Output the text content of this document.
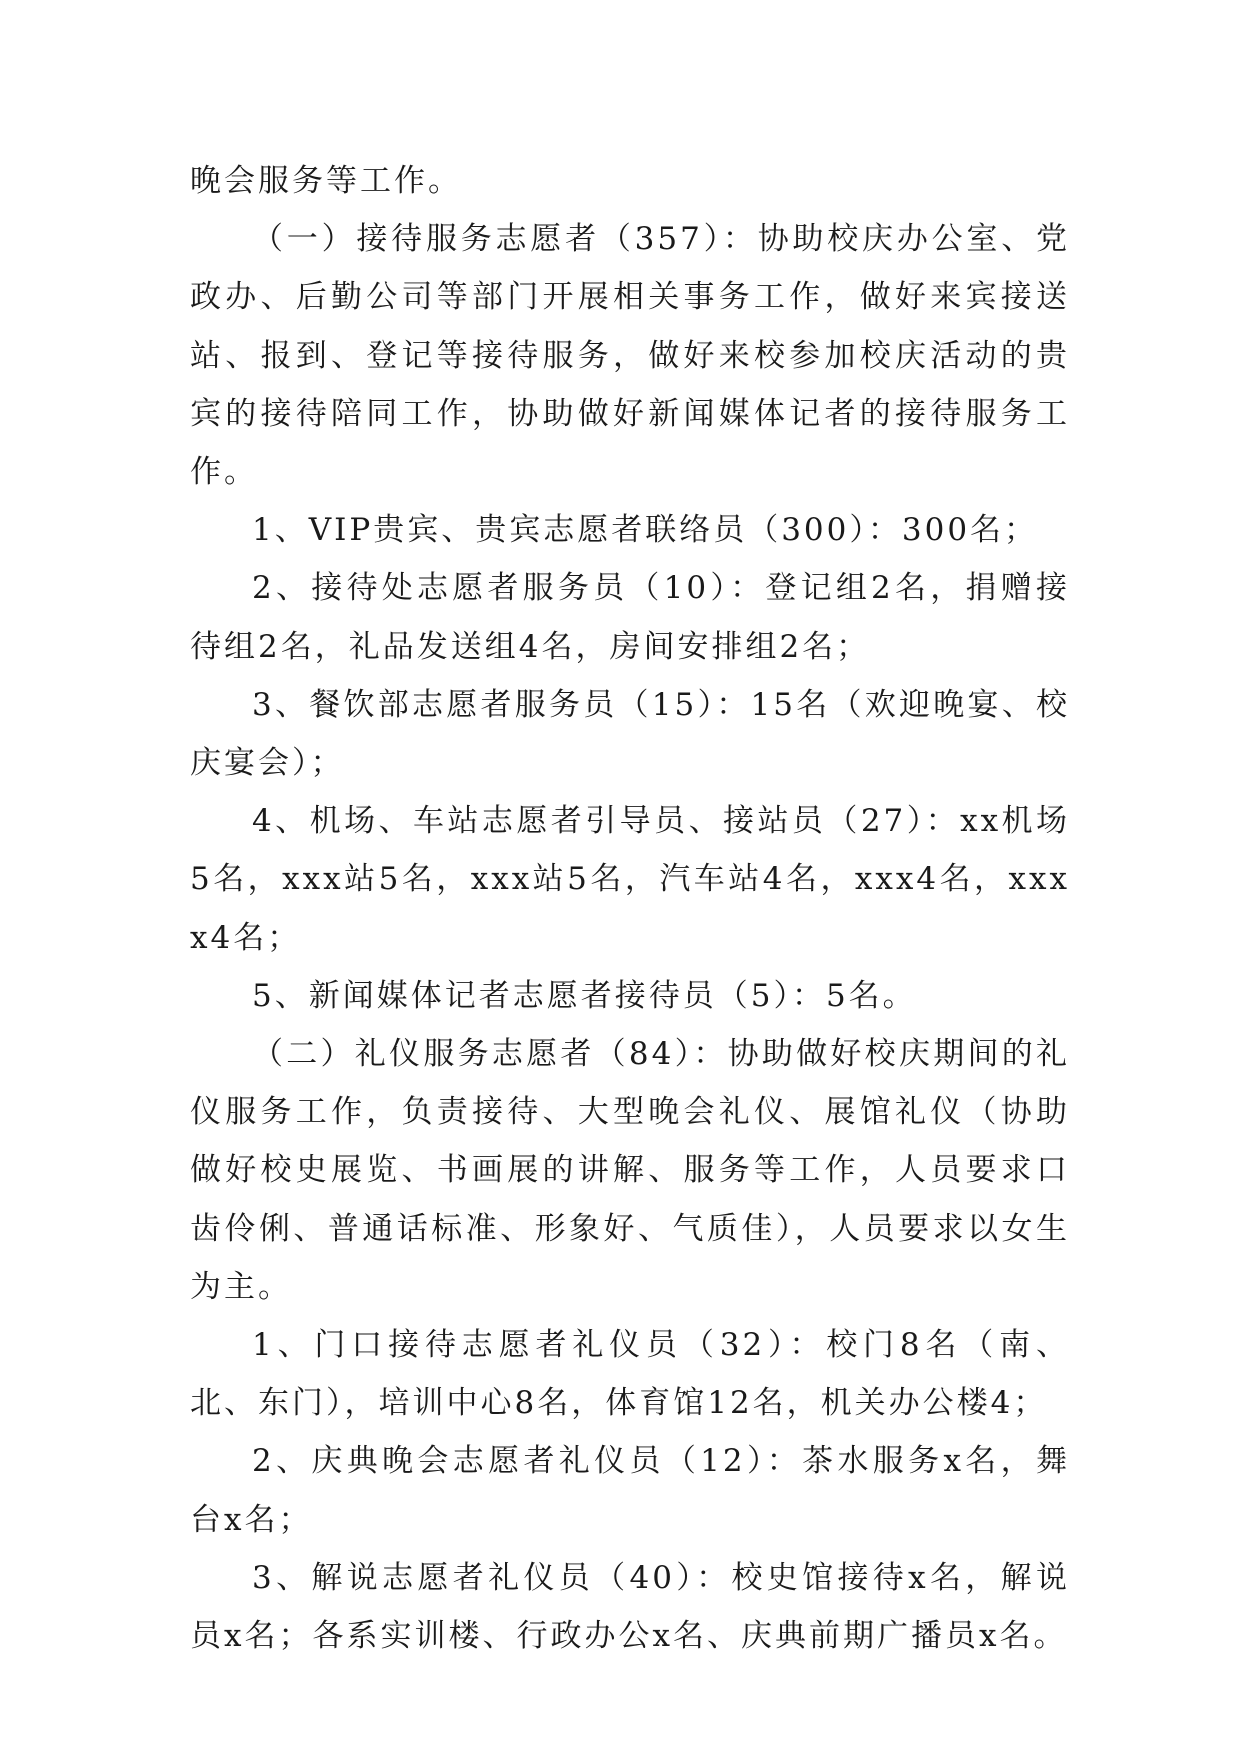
晚会服务等工作。

（一）接待服务志愿者（357）：协助校庆办公室、党政办、后勤公司等部门开展相关事务工作，做好来宾接送站、报到、登记等接待服务，做好来校参加校庆活动的贵宾的接待陪同工作，协助做好新闻媒体记者的接待服务工作。

1、VIP贵宾、贵宾志愿者联络员（300）：300名；

2、接待处志愿者服务员（10）：登记组2名，捐赠接待组2名，礼品发送组4名，房间安排组2名；

3、餐饮部志愿者服务员（15）：15名（欢迎晚宴、校庆宴会）；

4、机场、车站志愿者引导员、接站员（27）：xx机场5名，xxx站5名，xxx站5名，汽车站4名，xxx4名，xxxx4名；

5、新闻媒体记者志愿者接待员（5）：5名。

（二）礼仪服务志愿者（84）：协助做好校庆期间的礼仪服务工作，负责接待、大型晚会礼仪、展馆礼仪（协助做好校史展览、书画展的讲解、服务等工作，人员要求口齿伶俐、普通话标准、形象好、气质佳），人员要求以女生为主。

1、门口接待志愿者礼仪员（32）：校门8名（南、北、东门），培训中心8名，体育馆12名，机关办公楼4；

2、庆典晚会志愿者礼仪员（12）：茶水服务x名，舞台x名；

3、解说志愿者礼仪员（40）：校史馆接待x名，解说员x名；各系实训楼、行政办公x名、庆典前期广播员x名。
